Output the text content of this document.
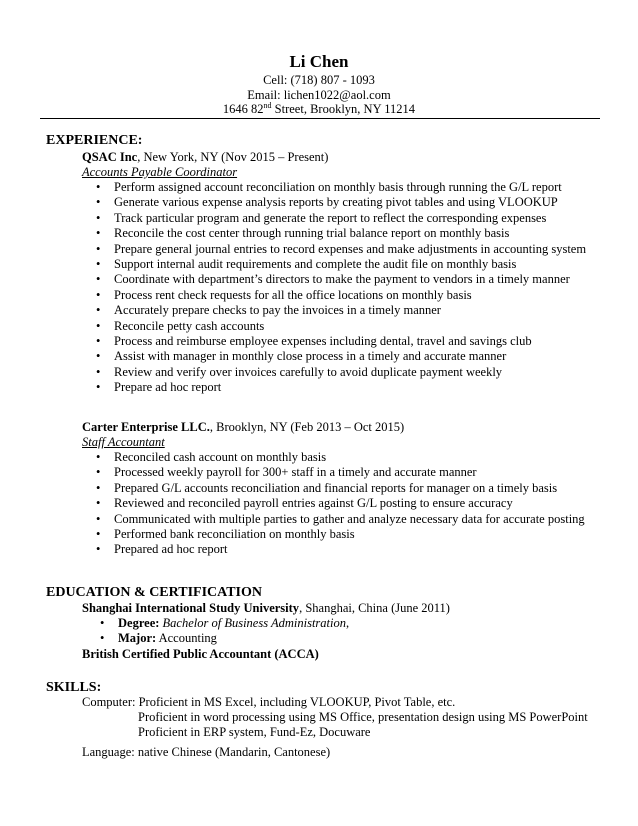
Li Chen
Cell: (718) 807 - 1093
Email: lichen1022@aol.com
1646 82nd Street, Brooklyn, NY 11214
EXPERIENCE:
QSAC Inc, New York, NY (Nov 2015 – Present)
Accounts Payable Coordinator
• Perform assigned account reconciliation on monthly basis through running the G/L report
• Generate various expense analysis reports by creating pivot tables and using VLOOKUP
• Track particular program and generate the report to reflect the corresponding expenses
• Reconcile the cost center through running trial balance report on monthly basis
• Prepare general journal entries to record expenses and make adjustments in accounting system
• Support internal audit requirements and complete the audit file on monthly basis
• Coordinate with department’s directors to make the payment to vendors in a timely manner
• Process rent check requests for all the office locations on monthly basis
• Accurately prepare checks to pay the invoices in a timely manner
• Reconcile petty cash accounts
• Process and reimburse employee expenses including dental, travel and savings club
• Assist with manager in monthly close process in a timely and accurate manner
• Review and verify over invoices carefully to avoid duplicate payment weekly
• Prepare ad hoc report
Carter Enterprise LLC., Brooklyn, NY (Feb 2013 – Oct 2015)
Staff Accountant
• Reconciled cash account on monthly basis
• Processed weekly payroll for 300+ staff in a timely and accurate manner
• Prepared G/L accounts reconciliation and financial reports for manager on a timely basis
• Reviewed and reconciled payroll entries against G/L posting to ensure accuracy
• Communicated with multiple parties to gather and analyze necessary data for accurate posting
• Performed bank reconciliation on monthly basis
• Prepared ad hoc report
EDUCATION & CERTIFICATION
Shanghai International Study University, Shanghai, China (June 2011)
• Degree: Bachelor of Business Administration,
• Major: Accounting
British Certified Public Accountant (ACCA)
SKILLS:
Computer: Proficient in MS Excel, including VLOOKUP, Pivot Table, etc.
Proficient in word processing using MS Office, presentation design using MS PowerPoint
Proficient in ERP system, Fund-Ez, Docuware
Language: native Chinese (Mandarin, Cantonese)
